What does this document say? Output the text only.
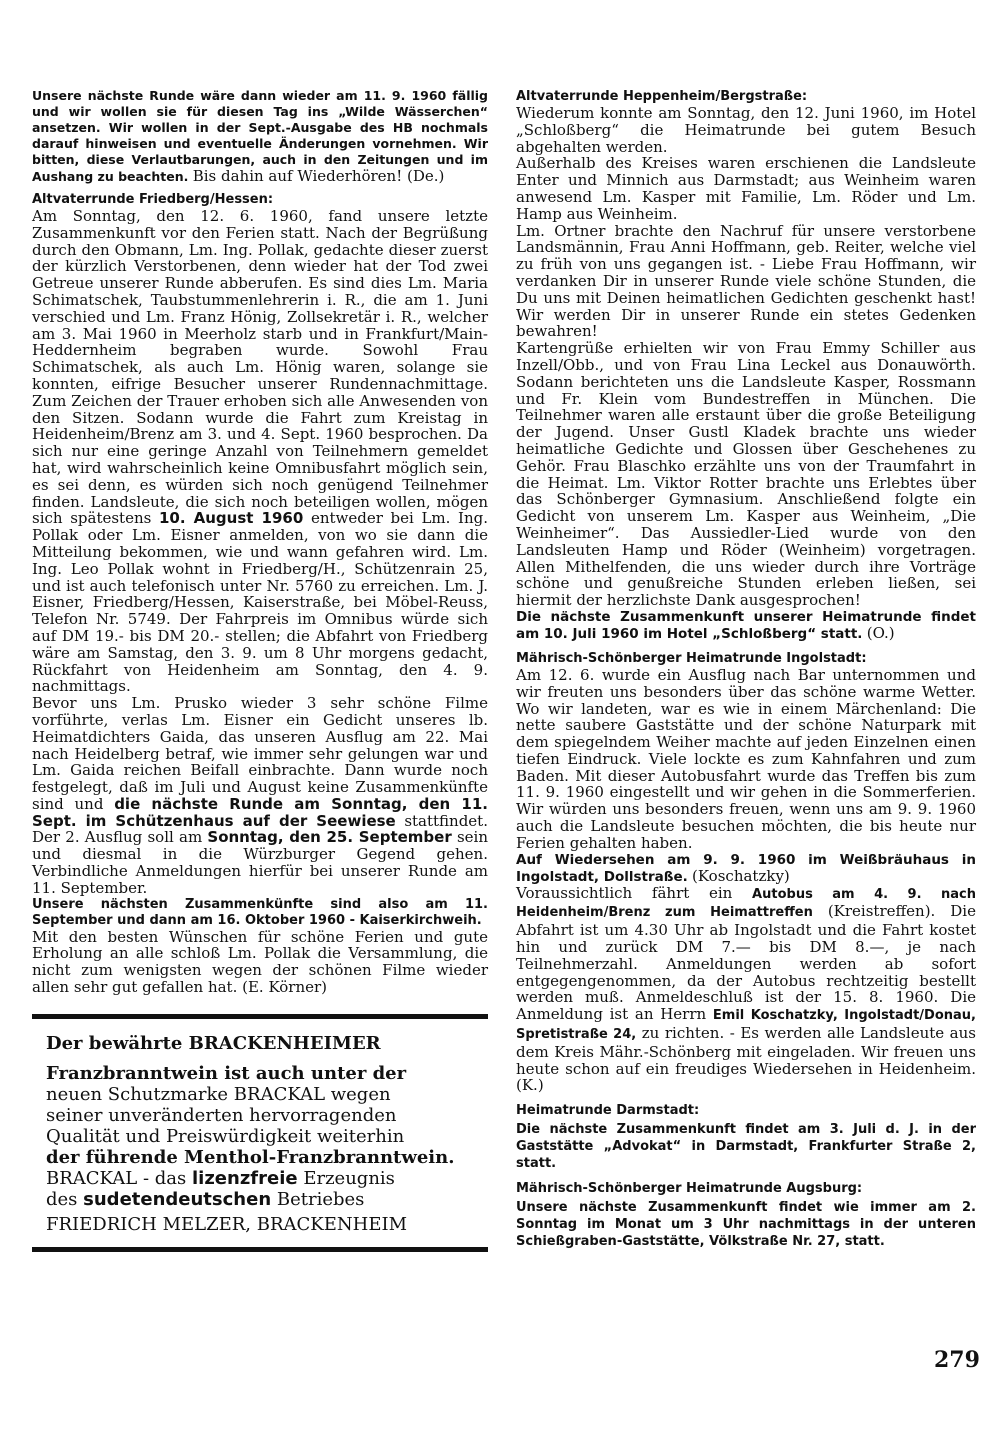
Unsere nächste Runde wäre dann wieder am 11. 9. 1960 fällig und wir wollen sie für diesen Tag ins „Wilde Wässerchen“ ansetzen. Wir wollen in der Sept.-Ausgabe des HB nochmals darauf hinweisen und eventuelle Änderungen vornehmen. Wir bitten, diese Verlautbarungen, auch in den Zeitungen und im Aushang zu beachten. Bis dahin auf Wiederhören! (De.)

Altvaterrunde Friedberg/Hessen:

Am Sonntag, den 12. 6. 1960, fand unsere letzte Zusammenkunft vor den Ferien statt. Nach der Begrüßung durch den Obmann, Lm. Ing. Pollak, gedachte dieser zuerst der kürzlich Verstorbenen, denn wieder hat der Tod zwei Getreue unserer Runde abberufen. Es sind dies Lm. Maria Schimatschek, Taubstummenlehrerin i. R., die am 1. Juni verschied und Lm. Franz Hönig, Zollsekretär i. R., welcher am 3. Mai 1960 in Meerholz starb und in Frankfurt/Main-Heddernheim begraben wurde. Sowohl Frau Schimatschek, als auch Lm. Hönig waren, solange sie konnten, eifrige Besucher unserer Rundennachmittage. Zum Zeichen der Trauer erhoben sich alle Anwesenden von den Sitzen. Sodann wurde die Fahrt zum Kreistag in Heidenheim/Brenz am 3. und 4. Sept. 1960 besprochen. Da sich nur eine geringe Anzahl von Teilnehmern gemeldet hat, wird wahrscheinlich keine Omnibusfahrt möglich sein, es sei denn, es würden sich noch genügend Teilnehmer finden. Landsleute, die sich noch beteiligen wollen, mögen sich spätestens 10. August 1960 entweder bei Lm. Ing. Pollak oder Lm. Eisner anmelden, von wo sie dann die Mitteilung bekommen, wie und wann gefahren wird. Lm. Ing. Leo Pollak wohnt in Friedberg/H., Schützenrain 25, und ist auch telefonisch unter Nr. 5760 zu erreichen. Lm. J. Eisner, Friedberg/Hessen, Kaiserstraße, bei Möbel-Reuss, Telefon Nr. 5749. Der Fahrpreis im Omnibus würde sich auf DM 19.- bis DM 20.- stellen; die Abfahrt von Friedberg wäre am Samstag, den 3. 9. um 8 Uhr morgens gedacht, Rückfahrt von Heidenheim am Sonntag, den 4. 9. nachmittags.

Bevor uns Lm. Prusko wieder 3 sehr schöne Filme vorführte, verlas Lm. Eisner ein Gedicht unseres lb. Heimatdichters Gaida, das unseren Ausflug am 22. Mai nach Heidelberg betraf, wie immer sehr gelungen war und Lm. Gaida reichen Beifall einbrachte. Dann wurde noch festgelegt, daß im Juli und August keine Zusammenkünfte sind und die nächste Runde am Sonntag, den 11. Sept. im Schützenhaus auf der Seewiese stattfindet. Der 2. Ausflug soll am Sonntag, den 25. September sein und diesmal in die Würzburger Gegend gehen. Verbindliche Anmeldungen hierfür bei unserer Runde am 11. September.

Unsere nächsten Zusammenkünfte sind also am 11. September und dann am 16. Oktober 1960 - Kaiserkirchweih.

Mit den besten Wünschen für schöne Ferien und gute Erholung an alle schloß Lm. Pollak die Versammlung, die nicht zum wenigsten wegen der schönen Filme wieder allen sehr gut gefallen hat. (E. Körner)

Der bewährte BRACKENHEIMER

Franzbranntwein ist auch unter der

neuen Schutzmarke BRACKAL wegen

seiner unveränderten hervorragenden

Qualität und Preiswürdigkeit weiterhin

der führende Menthol-Franzbranntwein.

BRACKAL - das lizenzfreie Erzeugnis

des sudetendeutschen Betriebes

FRIEDRICH MELZER, BRACKENHEIM

Altvaterrunde Heppenheim/Bergstraße:

Wiederum konnte am Sonntag, den 12. Juni 1960, im Hotel „Schloßberg“ die Heimatrunde bei gutem Besuch abgehalten werden.

Außerhalb des Kreises waren erschienen die Landsleute Enter und Minnich aus Darmstadt; aus Weinheim waren anwesend Lm. Kasper mit Familie, Lm. Röder und Lm. Hamp aus Weinheim.

Lm. Ortner brachte den Nachruf für unsere verstorbene Landsmännin, Frau Anni Hoffmann, geb. Reiter, welche viel zu früh von uns gegangen ist. - Liebe Frau Hoffmann, wir verdanken Dir in unserer Runde viele schöne Stunden, die Du uns mit Deinen heimatlichen Gedichten geschenkt hast! Wir werden Dir in unserer Runde ein stetes Gedenken bewahren!

Kartengrüße erhielten wir von Frau Emmy Schiller aus Inzell/Obb., und von Frau Lina Leckel aus Donauwörth. Sodann berichteten uns die Landsleute Kasper, Rossmann und Fr. Klein vom Bundestreffen in München. Die Teilnehmer waren alle erstaunt über die große Beteiligung der Jugend. Unser Gustl Kladek brachte uns wieder heimatliche Gedichte und Glossen über Geschehenes zu Gehör. Frau Blaschko erzählte uns von der Traumfahrt in die Heimat. Lm. Viktor Rotter brachte uns Erlebtes über das Schönberger Gymnasium. Anschließend folgte ein Gedicht von unserem Lm. Kasper aus Weinheim, „Die Weinheimer“. Das Aussiedler-Lied wurde von den Landsleuten Hamp und Röder (Weinheim) vorgetragen. Allen Mithelfenden, die uns wieder durch ihre Vorträge schöne und genußreiche Stunden erleben ließen, sei hiermit der herzlichste Dank ausgesprochen!

Die nächste Zusammenkunft unserer Heimatrunde findet am 10. Juli 1960 im Hotel „Schloßberg“ statt. (O.)

Mährisch-Schönberger Heimatrunde Ingolstadt:

Am 12. 6. wurde ein Ausflug nach Bar unternommen und wir freuten uns besonders über das schöne warme Wetter. Wo wir landeten, war es wie in einem Märchenland: Die nette saubere Gaststätte und der schöne Naturpark mit dem spiegelndem Weiher machte auf jeden Einzelnen einen tiefen Eindruck. Viele lockte es zum Kahnfahren und zum Baden. Mit dieser Autobusfahrt wurde das Treffen bis zum 11. 9. 1960 eingestellt und wir gehen in die Sommerferien. Wir würden uns besonders freuen, wenn uns am 9. 9. 1960 auch die Landsleute besuchen möchten, die bis heute nur Ferien gehalten haben.

Auf Wiedersehen am 9. 9. 1960 im Weißbräuhaus in Ingolstadt, Dollstraße. (Koschatzky)

Voraussichtlich fährt ein Autobus am 4. 9. nach Heidenheim/Brenz zum Heimattreffen (Kreistreffen). Die Abfahrt ist um 4.30 Uhr ab Ingolstadt und die Fahrt kostet hin und zurück DM 7.— bis DM 8.—, je nach Teilnehmerzahl. Anmeldungen werden ab sofort entgegengenommen, da der Autobus rechtzeitig bestellt werden muß. Anmeldeschluß ist der 15. 8. 1960. Die Anmeldung ist an Herrn Emil Koschatzky, Ingolstadt/Donau, Spretistraße 24, zu richten. - Es werden alle Landsleute aus dem Kreis Mähr.-Schönberg mit eingeladen. Wir freuen uns heute schon auf ein freudiges Wiedersehen in Heidenheim. (K.)

Heimatrunde Darmstadt:

Die nächste Zusammenkunft findet am 3. Juli d. J. in der Gaststätte „Advokat“ in Darmstadt, Frankfurter Straße 2, statt.

Mährisch-Schönberger Heimatrunde Augsburg:

Unsere nächste Zusammenkunft findet wie immer am 2. Sonntag im Monat um 3 Uhr nachmittags in der unteren Schießgraben-Gaststätte, Völkstraße Nr. 27, statt.

279
